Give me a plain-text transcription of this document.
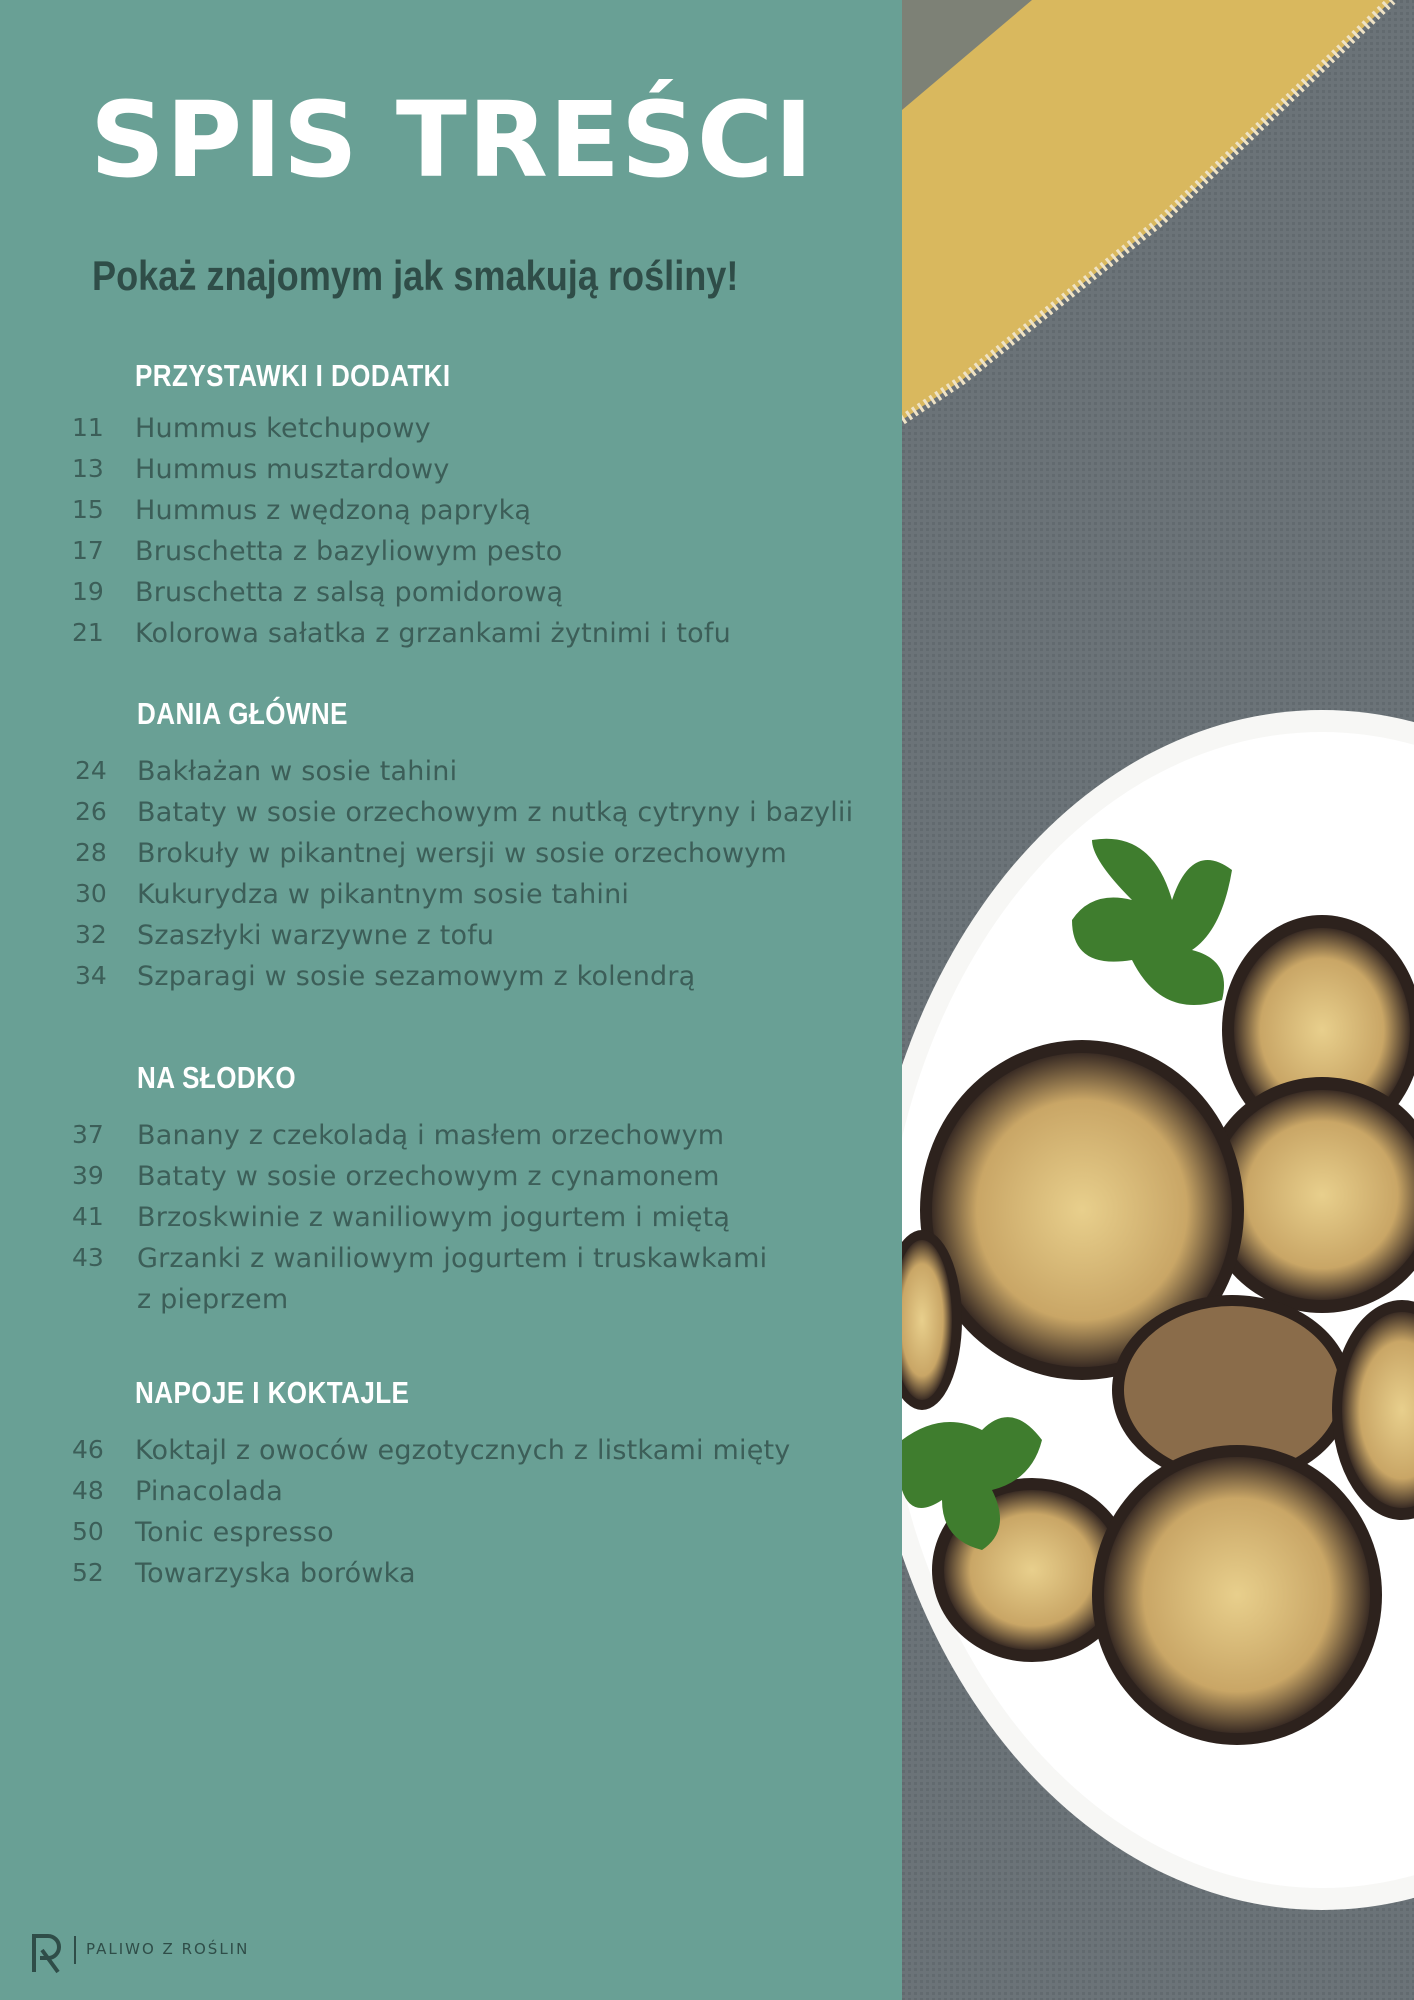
SPIS TREŚCI
Pokaż znajomym jak smakują rośliny!
PRZYSTAWKI I DODATKI
11	Hummus ketchupowy
13	Hummus musztardowy
15	Hummus z wędzoną papryką
17	Bruschetta z bazyliowym pesto
19	Bruschetta z salsą pomidorową
21	Kolorowa sałatka z grzankami żytnimi i tofu
DANIA GŁÓWNE
24	Bakłażan w sosie tahini
26	Bataty w sosie orzechowym z nutką cytryny i bazylii
28	Brokuły w pikantnej wersji w sosie orzechowym
30	Kukurydza w pikantnym sosie tahini
32	Szaszłyki warzywne z tofu
34	Szparagi w sosie sezamowym z kolendrą
NA SŁODKO
37	Banany z czekoladą i masłem orzechowym
39	Bataty w sosie orzechowym z cynamonem
41	Brzoskwinie z waniliowym jogurtem i miętą
43	Grzanki z waniliowym jogurtem i truskawkami
z pieprzem
NAPOJE I KOKTAJLE
46	Koktajl z owoców egzotycznych z listkami mięty
48	Pinacolada
50	Tonic espresso
52	Towarzyska borówka
PALIWO Z ROŚLIN
